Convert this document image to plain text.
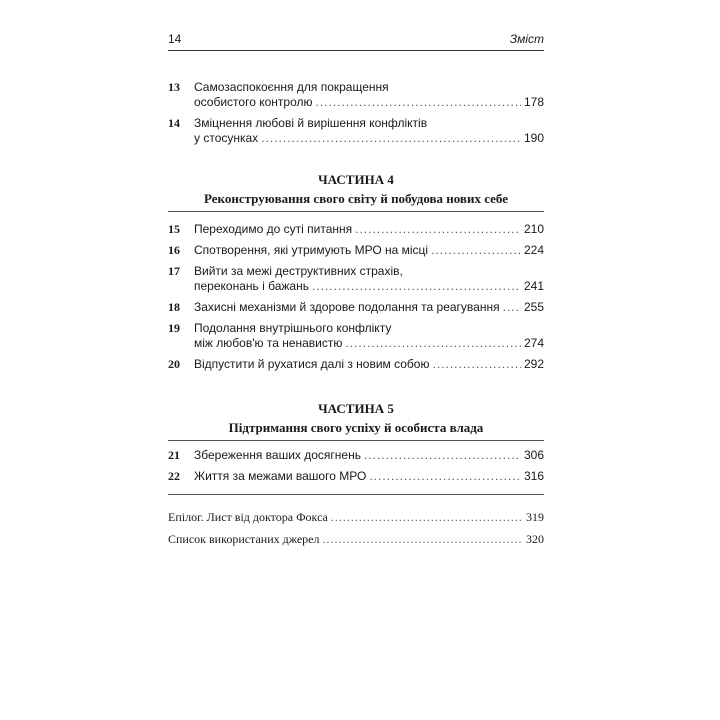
14	Зміст
13	Самозаспокоєння для покращення
особистого контролю .....	178
14	Зміцнення любові й вирішення конфліктів
у стосунках .....	190
ЧАСТИНА 4
Реконструювання свого світу й побудова нових себе
15	Переходимо до суті питання .....	210
16	Спотворення, які утримують МРО на місці .....	224
17	Вийти за межі деструктивних страхів,
переконань і бажань .....	241
18	Захисні механізми й здорове подолання та реагування ..... 255
19	Подолання внутрішнього конфлікту
між любов'ю та ненавистю .....	274
20	Відпустити й рухатися далі з новим собою .....	292
ЧАСТИНА 5
Підтримання свого успіху й особиста влада
21	Збереження ваших досягнень .....	306
22	Життя за межами вашого МРО .....	316
Епілог. Лист від доктора Фокса .....	319
Список використаних джерел .....	320
